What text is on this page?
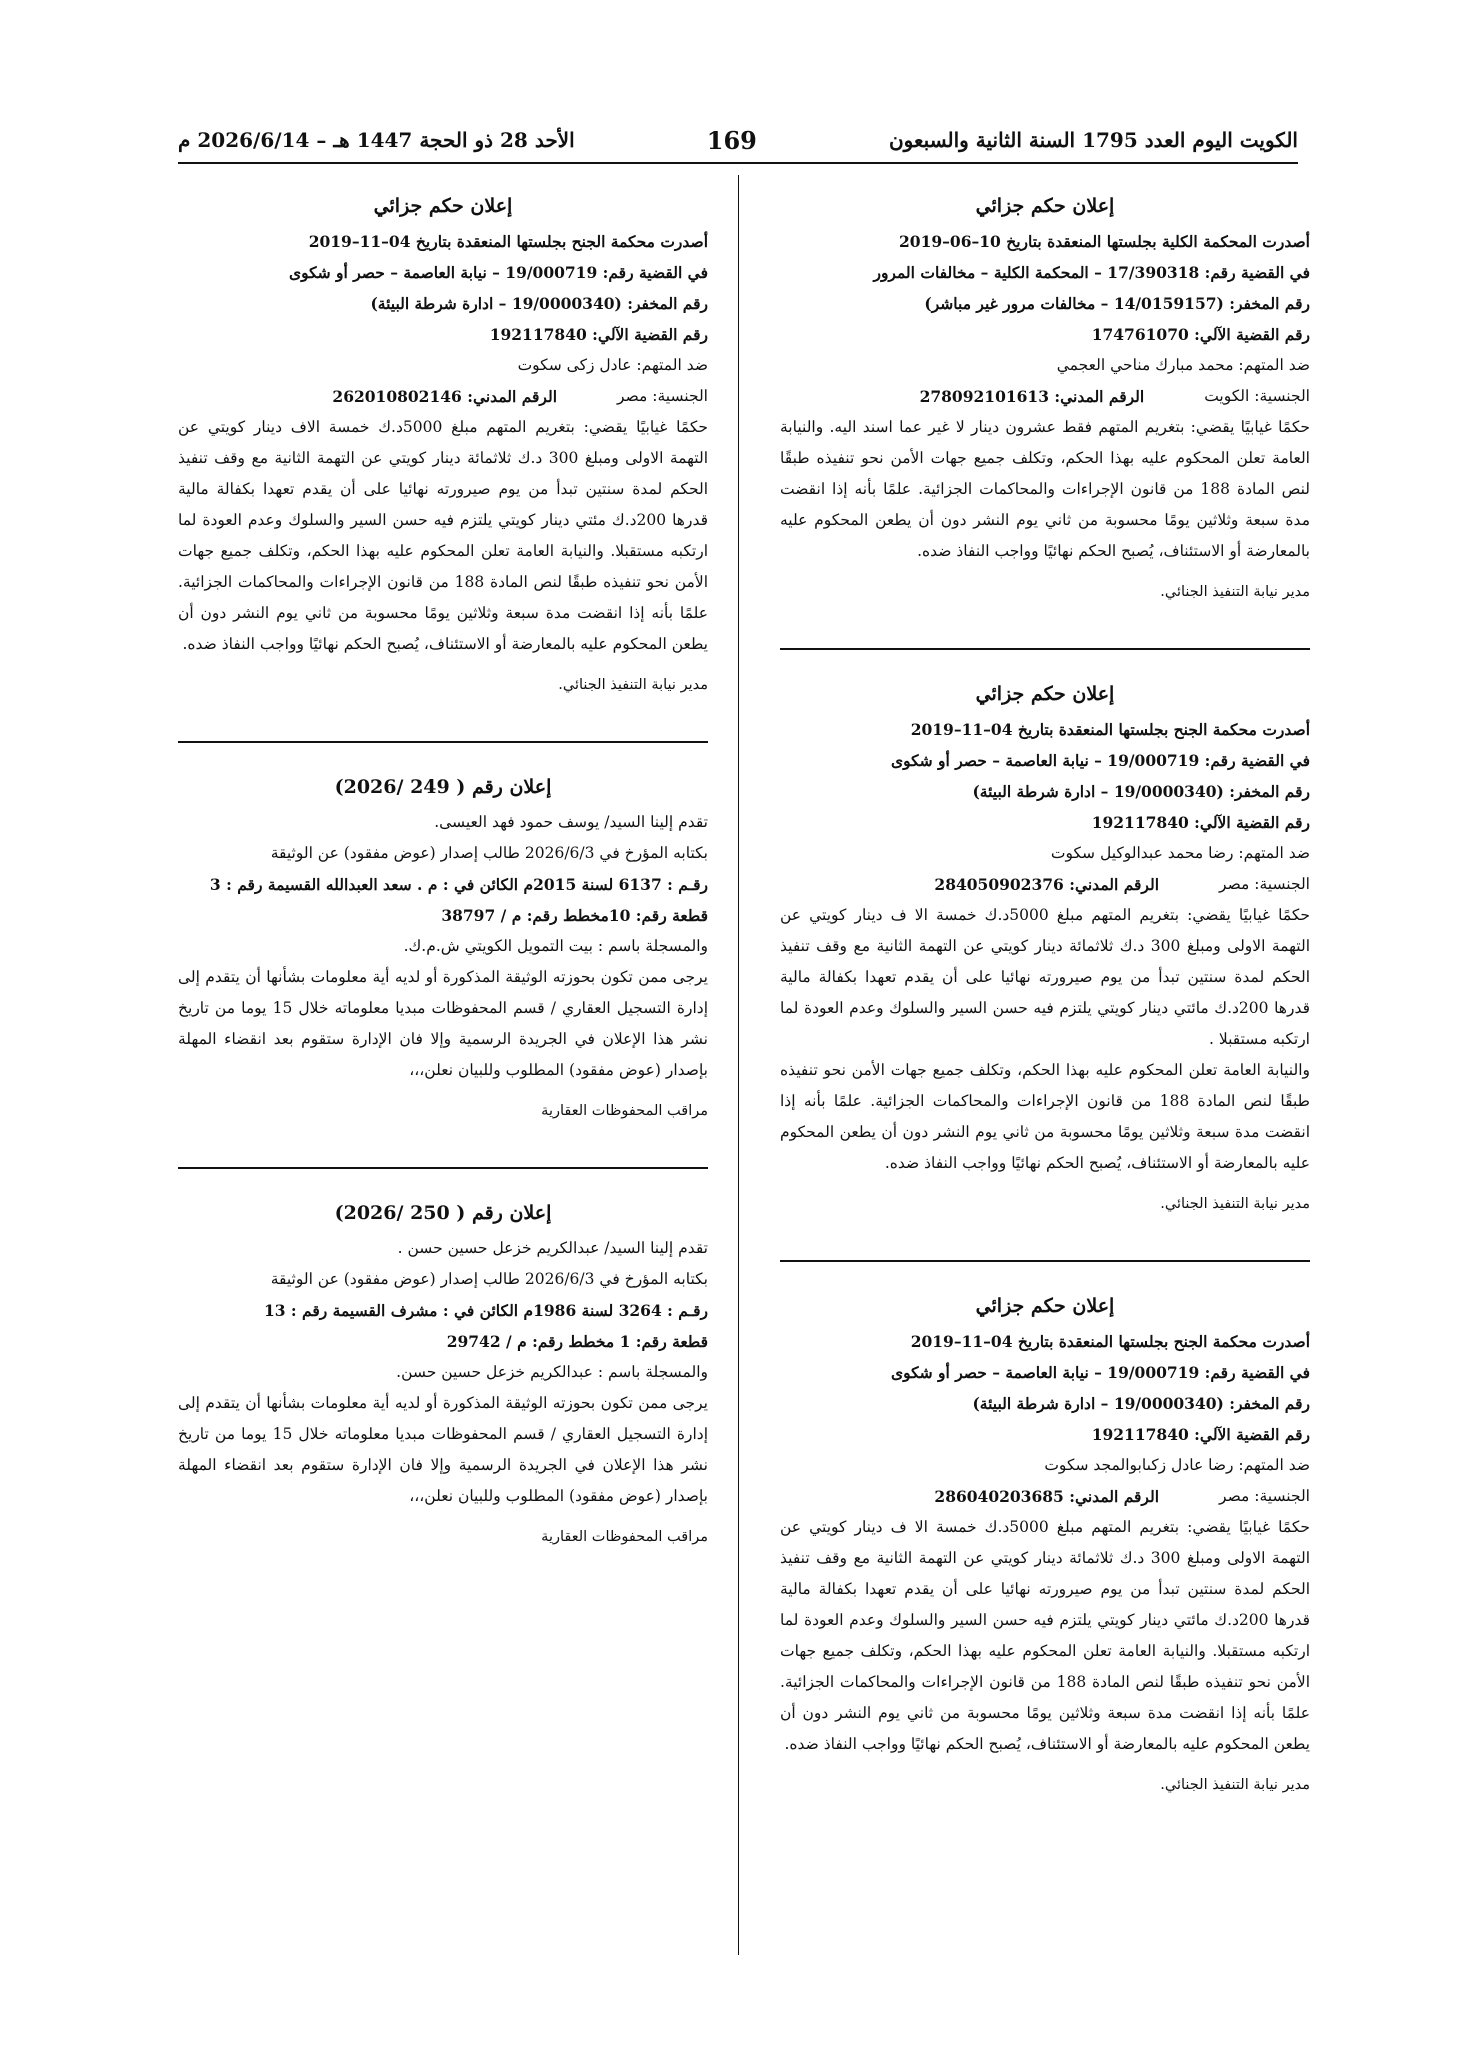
الكويت اليوم العدد 1795 السنة الثانية والسبعون
169
الأحد 28 ذو الحجة 1447 هـ – 2026/6/14 م
إعلان حكم جزائي
أصدرت المحكمة الكلية بجلستها المنعقدة بتاريخ 10–06–2019
في القضية رقم: 17/390318 – المحكمة الكلية – مخالفات المرور
رقم المخفر: (14/0159157 – مخالفات مرور غير مباشر)
رقم القضية الآلي: 174761070
ضد المتهم: محمد مبارك مناحي العجمي
الجنسية: الكويت
الرقم المدني: 278092101613
حكمًا غيابيًا يقضي: بتغريم المتهم فقط عشرون دينار لا غير عما اسند اليه. والنيابة العامة تعلن المحكوم عليه بهذا الحكم، وتكلف جميع جهات الأمن نحو تنفيذه طبقًا لنص المادة 188 من قانون الإجراءات والمحاكمات الجزائية. علمًا بأنه إذا انقضت مدة سبعة وثلاثين يومًا محسوبة من ثاني يوم النشر دون أن يطعن المحكوم عليه بالمعارضة أو الاستئناف، يُصبح الحكم نهائيًا وواجب النفاذ ضده.
مدير نيابة التنفيذ الجنائي.
إعلان حكم جزائي
أصدرت محكمة الجنح بجلستها المنعقدة بتاريخ 04–11–2019
في القضية رقم: 19/000719 – نيابة العاصمة – حصر أو شكوى
رقم المخفر: (19/0000340 – ادارة شرطة البيئة)
رقم القضية الآلي: 192117840
ضد المتهم: رضا محمد عبدالوكيل سكوت
الجنسية: مصر
الرقم المدني: 284050902376
حكمًا غيابيًا يقضي: بتغريم المتهم مبلغ 5000د.ك خمسة الا ف دينار كويتي عن التهمة الاولى ومبلغ 300 د.ك ثلاثمائة دينار كويتي عن التهمة الثانية مع وقف تنفيذ الحكم لمدة سنتين تبدأ من يوم صيرورته نهائيا على أن يقدم تعهدا بكفالة مالية قدرها 200د.ك مائتي دينار كويتي يلتزم فيه حسن السير والسلوك وعدم العودة لما ارتكبه مستقبلا .
والنيابة العامة تعلن المحكوم عليه بهذا الحكم، وتكلف جميع جهات الأمن نحو تنفيذه طبقًا لنص المادة 188 من قانون الإجراءات والمحاكمات الجزائية. علمًا بأنه إذا انقضت مدة سبعة وثلاثين يومًا محسوبة من ثاني يوم النشر دون أن يطعن المحكوم عليه بالمعارضة أو الاستئناف، يُصبح الحكم نهائيًا وواجب النفاذ ضده.
مدير نيابة التنفيذ الجنائي.
إعلان حكم جزائي
أصدرت محكمة الجنح بجلستها المنعقدة بتاريخ 04–11–2019
في القضية رقم: 19/000719 – نيابة العاصمة – حصر أو شكوى
رقم المخفر: (19/0000340 – ادارة شرطة البيئة)
رقم القضية الآلي: 192117840
ضد المتهم: رضا عادل زكىابوالمجد سكوت
الجنسية: مصر
الرقم المدني: 286040203685
حكمًا غيابيًا يقضي: بتغريم المتهم مبلغ 5000د.ك خمسة الا ف دينار كويتي عن التهمة الاولى ومبلغ 300 د.ك ثلاثمائة دينار كويتي عن التهمة الثانية مع وقف تنفيذ الحكم لمدة سنتين تبدأ من يوم صيرورته نهائيا على أن يقدم تعهدا بكفالة مالية قدرها 200د.ك مائتي دينار كويتي يلتزم فيه حسن السير والسلوك وعدم العودة لما ارتكبه مستقبلا. والنيابة العامة تعلن المحكوم عليه بهذا الحكم، وتكلف جميع جهات الأمن نحو تنفيذه طبقًا لنص المادة 188 من قانون الإجراءات والمحاكمات الجزائية. علمًا بأنه إذا انقضت مدة سبعة وثلاثين يومًا محسوبة من ثاني يوم النشر دون أن يطعن المحكوم عليه بالمعارضة أو الاستئناف، يُصبح الحكم نهائيًا وواجب النفاذ ضده.
مدير نيابة التنفيذ الجنائي.
إعلان حكم جزائي
أصدرت محكمة الجنح بجلستها المنعقدة بتاريخ 04–11–2019
في القضية رقم: 19/000719 – نيابة العاصمة – حصر أو شكوى
رقم المخفر: (19/0000340 – ادارة شرطة البيئة)
رقم القضية الآلي: 192117840
ضد المتهم: عادل زكى سكوت
الجنسية: مصر
الرقم المدني: 262010802146
حكمًا غيابيًا يقضي: بتغريم المتهم مبلغ 5000د.ك خمسة الاف دينار كويتي عن التهمة الاولى ومبلغ 300 د.ك ثلاثمائة دينار كويتي عن التهمة الثانية مع وقف تنفيذ الحكم لمدة سنتين تبدأ من يوم صيرورته نهائيا على أن يقدم تعهدا بكفالة مالية قدرها 200د.ك مئتي دينار كويتي يلتزم فيه حسن السير والسلوك وعدم العودة لما ارتكبه مستقبلا. والنيابة العامة تعلن المحكوم عليه بهذا الحكم، وتكلف جميع جهات الأمن نحو تنفيذه طبقًا لنص المادة 188 من قانون الإجراءات والمحاكمات الجزائية. علمًا بأنه إذا انقضت مدة سبعة وثلاثين يومًا محسوبة من ثاني يوم النشر دون أن يطعن المحكوم عليه بالمعارضة أو الاستئناف، يُصبح الحكم نهائيًا وواجب النفاذ ضده.
مدير نيابة التنفيذ الجنائي.
إعلان رقم ( 249 /2026)
تقدم إلينا السيد/ يوسف حمود فهد العيسى.
بكتابه المؤرخ في 2026/6/3 طالب إصدار (عوض مفقود) عن الوثيقة
رقـم : 6137 لسنة 2015م الكائن في : م . سعد العبدالله القسيمة رقم : 3
قطعة رقم: 10مخطط رقم: م / 38797
والمسجلة باسم : بيت التمويل الكويتي ش.م.ك.
يرجى ممن تكون بحوزته الوثيقة المذكورة أو لديه أية معلومات بشأنها أن يتقدم إلى إدارة التسجيل العقاري / قسم المحفوظات مبديا معلوماته خلال 15 يوما من تاريخ نشر هذا الإعلان في الجريدة الرسمية وإلا فان الإدارة ستقوم بعد انقضاء المهلة بإصدار (عوض مفقود) المطلوب وللبيان نعلن،،،
مراقب المحفوظات العقارية
إعلان رقم ( 250 /2026)
تقدم إلينا السيد/ عبدالكريم خزعل حسين حسن .
بكتابه المؤرخ في 2026/6/3 طالب إصدار (عوض مفقود) عن الوثيقة
رقـم : 3264 لسنة 1986م الكائن في : مشرف القسيمة رقم : 13
قطعة رقم: 1 مخطط رقم: م / 29742
والمسجلة باسم : عبدالكريم خزعل حسين حسن.
يرجى ممن تكون بحوزته الوثيقة المذكورة أو لديه أية معلومات بشأنها أن يتقدم إلى إدارة التسجيل العقاري / قسم المحفوظات مبديا معلوماته خلال 15 يوما من تاريخ نشر هذا الإعلان في الجريدة الرسمية وإلا فان الإدارة ستقوم بعد انقضاء المهلة بإصدار (عوض مفقود) المطلوب وللبيان نعلن،،،
مراقب المحفوظات العقارية
